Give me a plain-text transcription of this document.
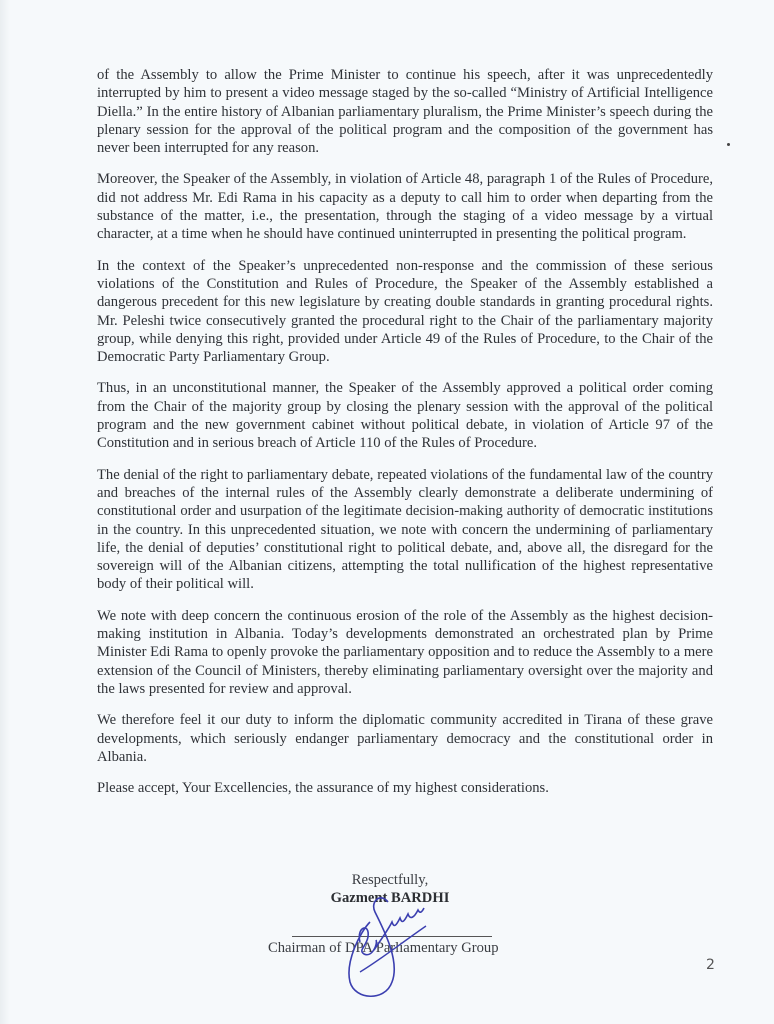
of the Assembly to allow the Prime Minister to continue his speech, after it was unprecedentedly interrupted by him to present a video message staged by the so-called “Ministry of Artificial Intelligence Diella.” In the entire history of Albanian parliamentary pluralism, the Prime Minister’s speech during the plenary session for the approval of the political program and the composition of the government has never been interrupted for any reason.

Moreover, the Speaker of the Assembly, in violation of Article 48, paragraph 1 of the Rules of Procedure, did not address Mr. Edi Rama in his capacity as a deputy to call him to order when departing from the substance of the matter, i.e., the presentation, through the staging of a video message by a virtual character, at a time when he should have continued uninterrupted in presenting the political program.

In the context of the Speaker’s unprecedented non-response and the commission of these serious violations of the Constitution and Rules of Procedure, the Speaker of the Assembly established a dangerous precedent for this new legislature by creating double standards in granting procedural rights. Mr. Peleshi twice consecutively granted the procedural right to the Chair of the parliamentary majority group, while denying this right, provided under Article 49 of the Rules of Procedure, to the Chair of the Democratic Party Parliamentary Group.

Thus, in an unconstitutional manner, the Speaker of the Assembly approved a political order coming from the Chair of the majority group by closing the plenary session with the approval of the political program and the new government cabinet without political debate, in violation of Article 97 of the Constitution and in serious breach of Article 110 of the Rules of Procedure.

The denial of the right to parliamentary debate, repeated violations of the fundamental law of the country and breaches of the internal rules of the Assembly clearly demonstrate a deliberate undermining of constitutional order and usurpation of the legitimate decision-making authority of democratic institutions in the country. In this unprecedented situation, we note with concern the undermining of parliamentary life, the denial of deputies’ constitutional right to political debate, and, above all, the disregard for the sovereign will of the Albanian citizens, attempting the total nullification of the highest representative body of their political will.

We note with deep concern the continuous erosion of the role of the Assembly as the highest decision-making institution in Albania. Today’s developments demonstrated an orchestrated plan by Prime Minister Edi Rama to openly provoke the parliamentary opposition and to reduce the Assembly to a mere extension of the Council of Ministers, thereby eliminating parliamentary oversight over the majority and the laws presented for review and approval.

We therefore feel it our duty to inform the diplomatic community accredited in Tirana of these grave developments, which seriously endanger parliamentary democracy and the constitutional order in Albania.

Please accept, Your Excellencies, the assurance of my highest considerations.

Respectfully,
Gazment BARDHI
Chairman of DPA Parliamentary Group
2
